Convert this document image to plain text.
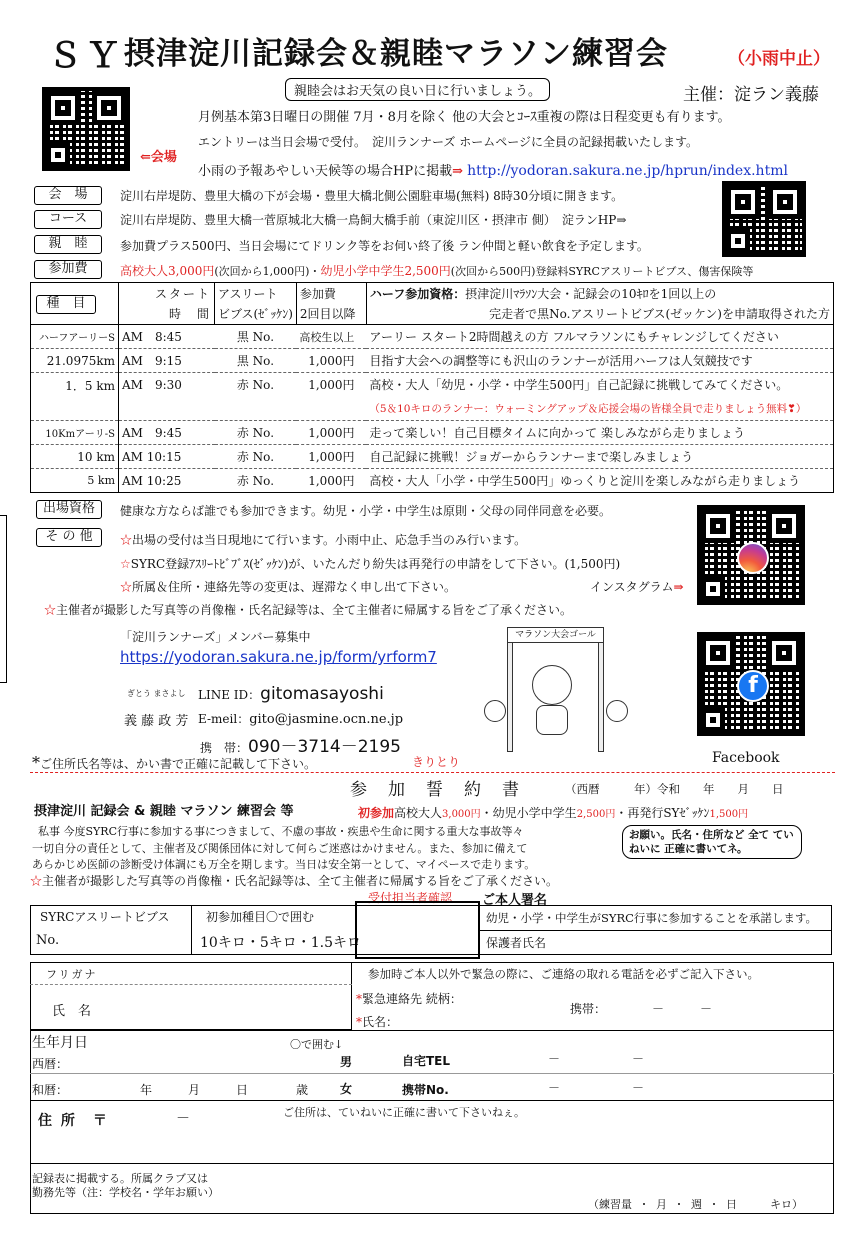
ＳＹ 摂津淀川記録会＆親睦マラソン練習会	（小雨中止）
親睦会はお天気の良い日に行いましょう。	主催：淀ラン義藤
月例基本第3日曜日の開催 7月・8月を除く 他の大会とｺｰｽ重複の際は日程変更も有ります。
エントリーは当日会場で受付。　淀川ランナーズ ホームページに全員の記録掲載いたします。
小雨の予報あやしい天候等の場合HPに掲載⇒ http://yodoran.sakura.ne.jp/hprun/index.html
⇐会場
会　場	淀川右岸堤防、豊里大橋の下が会場・豊里大橋北側公園駐車場(無料) 8時30分頃に開きます。
コース	淀川右岸堤防、豊里大橋一菅原城北大橋一鳥飼大橋手前（東淀川区・摂津市 側）　淀ランHP⇒
親　睦	参加費プラス500円、当日会場にてドリンク等をお伺い終了後 ラン仲間と軽い飲食を予定します。
参加費	高校大人3,000円(次回から1,000円)・幼児小学中学生2,500円(次回から500円)登録料SYRCアスリートビブス、傷害保険等
種　目
	スタート	アスリート	参加費	ハーフ参加資格：摂津淀川ﾏﾗｿﾝ大会・記録会の10ｷﾛを1回以上の
	時　間	ビブス(ｾﾞｯｹﾝ)	2回目以降	完走者で黒No.アスリートビブス(ゼッケン)を申請取得された方
ハーフアーリーS	AM　8:45	黒 No.	高校生以上	アーリー スタート2時間越えの方 フルマラソンにもチャレンジしてください
21.0975km	AM　9:15	黒 No.	1,000円	目指す大会への調整等にも沢山のランナーが活用ハーフは人気競技です
1．5 km	AM　9:30	赤 No.	1,000円	高校・大人「幼児・小学・中学生500円」自己記録に挑戦してみてください。
				（5＆10キロのランナー：ウォーミングアップ＆応援会場の皆様全員で走りましょう無料❣）
10Kmアーリ-S	AM　9:45	赤 No.	1,000円	走って楽しい！自己目標タイムに向かって 楽しみながら走りましょう
10 km	AM 10:15	赤 No.	1,000円	自己記録に挑戦！ジョガーからランナーまで楽しみましょう
5 km	AM 10:25	赤 No.	1,000円	高校・大人「小学・中学生500円」ゆっくりと淀川を楽しみながら走りましょう
出場資格	健康な方ならば誰でも参加できます。幼児・小学・中学生は原則・父母の同伴同意を必要。
そ の 他	☆出場の受付は当日現地にて行います。小雨中止、応急手当のみ行います。
☆SYRC登録ｱｽﾘｰﾄﾋﾞﾌﾞｽ(ｾﾞｯｹﾝ)が、いたんだり紛失は再発行の申請をして下さい。(1,500円)
☆所属＆住所・連絡先等の変更は、遅滞なく申し出て下さい。	インスタグラム⇒
☆主催者が撮影した写真等の肖像権・氏名記録等は、全て主催者に帰属する旨をご了承ください。
「淀川ランナーズ」メンバー募集中
https://yodoran.sakura.ne.jp/form/yrform7
ぎとう まさよし LINE ID：gitomasayoshi
義 藤 政 芳 E-meil：gito@jasmine.ocn.ne.jp
携　帯：090－3714－2195
マラソン大会ゴール
f
Facebook
*ご住所氏名等は、かい書で正確に記載して下さい。	きりとり
参　加　誓　約　書	（西暦　　　年）令和　　年　　月　　日
摂津淀川 記録会 & 親睦 マラソン 練習会 等	初参加高校大人3,000円・幼児小学中学生2,500円・再発行SYｾﾞｯｹﾝ1,500円
私事 今度SYRC行事に参加する事につきまして、不慮の事故・疾患や生命に関する重大な事故等々
一切自分の責任として、主催者及び関係団体に対して何らご迷惑はかけません。また、参加に備えて
あらかじめ医師の診断受け体調にも万全を期します。当日は安全第一として、マイペースで走ります。
お願い。氏名・住所など 全て ていねいに 正確に書いてネ。
☆主催者が撮影した写真等の肖像権・氏名記録等は、全て主催者に帰属する旨をご了承ください。
受付担当者確認 ご本人署名
SYRCアスリートビブス
No.
初参加種目〇で囲む
10キロ・5キロ・1.5キロ
幼児・小学・中学生がSYRC行事に参加することを承諾します。
保護者氏名
フリガナ
氏　名
参加時ご本人以外で緊急の際に、ご連絡の取れる電話を必ずご記入下さい。
*緊急連絡先 続柄：
携帯：	－　　　－
*氏名：
生年月日	〇で囲む↓
西暦：	男	自宅TEL	－　　　　　　－
和暦：	年　　　月　　　日　　　　歳	女	携帯No.	－　　　　　　－
住 所　〒	－	ご住所は、ていねいに正確に書いて下さいねぇ。
記録表に掲載する。所属クラブ又は
勤務先等（注：学校名・学年お願い）
（練習量 ・ 月 ・ 週 ・ 日　　　キロ）
